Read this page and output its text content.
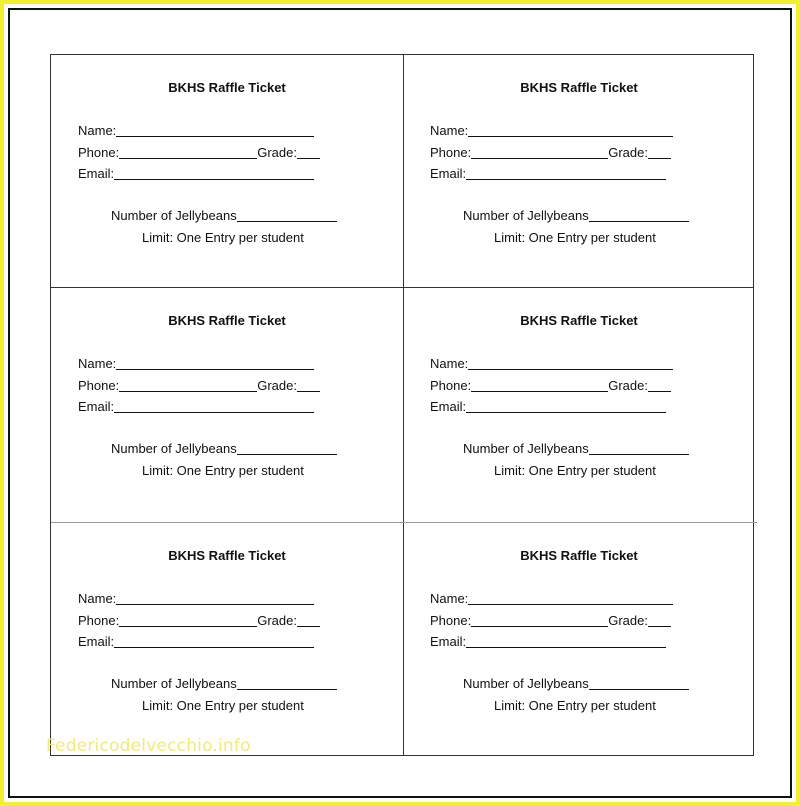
BKHS Raffle Ticket
Name:
Phone:	Grade:
Email:
Number of Jellybeans
Limit: One Entry per student
BKHS Raffle Ticket
Name:
Phone:	Grade:
Email:
Number of Jellybeans
Limit: One Entry per student
BKHS Raffle Ticket
Name:
Phone:	Grade:
Email:
Number of Jellybeans
Limit: One Entry per student
BKHS Raffle Ticket
Name:
Phone:	Grade:
Email:
Number of Jellybeans
Limit: One Entry per student
BKHS Raffle Ticket
Name:
Phone:	Grade:
Email:
Number of Jellybeans
Limit: One Entry per student
BKHS Raffle Ticket
Name:
Phone:	Grade:
Email:
Number of Jellybeans
Limit: One Entry per student
Federicodelvecchio.info
